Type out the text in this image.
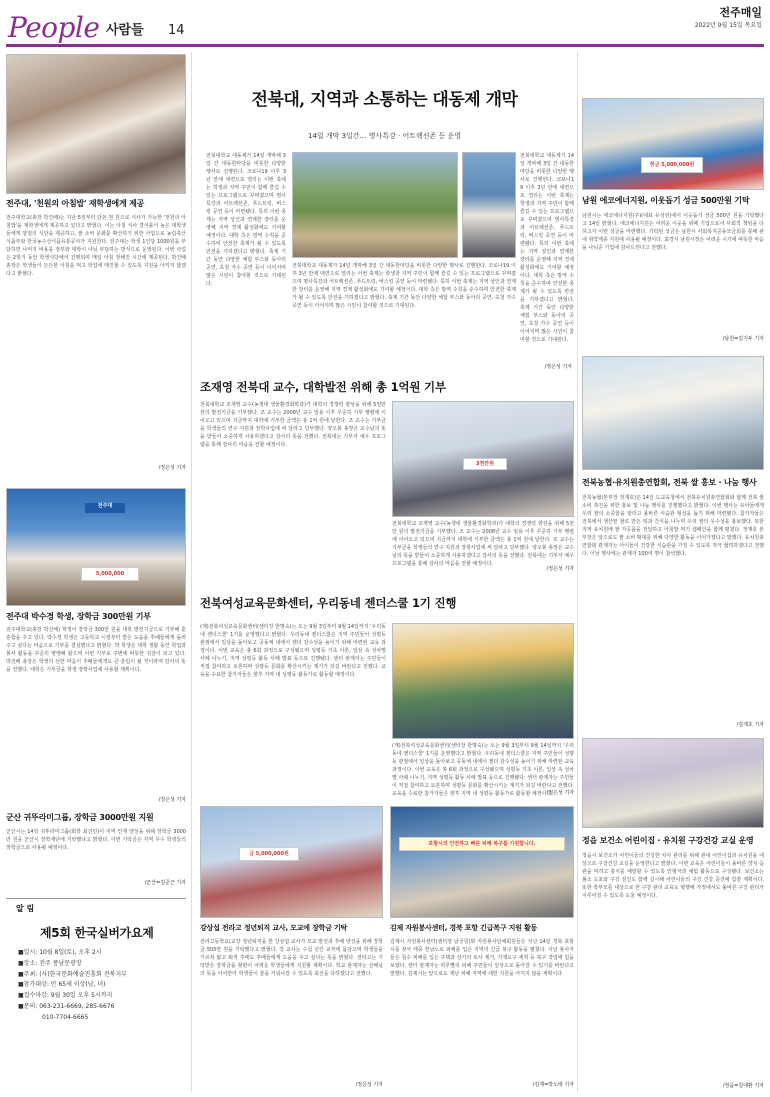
People 사람들 14
전주매일
2022년 9월 15일 목요일
전주대, '천원의 아침밥' 재학생에게 제공
전주대학교(총장 박진배)는 지난 5일부터 단돈 천 원으로 식사가 가능한 '천원의 아침밥'을 재학생에게 제공하고 있다고 밝혔다. 이는 아침 식사 결식률이 높은 대학생들에게 양질의 식단을 제공하고, 쌀 소비 문화를 확산하기 위한 사업으로 농림축산식품부와 한국농수산식품유통공사가 지원한다. 전주대는 학생 1인당 1000원을 부담하면 나머지 비용을 정부와 대학이 나눠 부담하는 방식으로 운영된다. 이번 사업은 2학기 동안 학생식당에서 진행되며 매일 아침 정해진 시간에 제공된다. 박진배 총장은 학생들이 든든한 아침을 먹고 학업에 매진할 수 있도록 지원을 아끼지 않겠다고 밝혔다.
/정은성 기자
전주대
5,000,000
전주대 박수경 학생, 장학금 300만원 기부
전주대학교(총장 박진배) 학생이 장학금 300만 원을 대학 발전기금으로 기부해 훈훈함을 주고 있다. 박수경 학생은 고등학교 시절부터 받은 도움을 후배들에게 돌려주고 싶다는 마음으로 기부를 결심했다고 밝혔다. 박 학생은 대학 생활 동안 학업과 봉사 활동을 꾸준히 병행해 왔으며 이번 기부로 주변에 따뜻한 귀감이 되고 있다. 박진배 총장은 학생의 선한 마음이 후배들에게도 큰 울림이 될 것이라며 감사의 뜻을 전했다. 대학은 기부금을 학생 장학사업에 사용할 계획이다.
/정은성 기자
군산 귀뚜라미그룹, 장학금 3000만원 지원
군산시는 14일 귀뚜라미그룹(회장 최진민)이 지역 인재 양성을 위해 장학금 3000만 원을 군산시 장학재단에 기탁했다고 밝혔다. 이번 기탁금은 지역 우수 학생들의 장학금으로 사용될 예정이다.
/군산=김준근 기자
알 림
제5회 한국실버가요제
■일시: 10월 8일(토), 오후 2시
■장소: 전주 풍남문광장
■주최: (사)한국문화예술진흥회 전북지부
■참가대상: 만 65세 이상(남, 녀)
■접수마감: 9월 30일 오후 5시까지
■문의: 063-231-6669, 285-6676
010-7704-6665
전북대, 지역과 소통하는 대동제 개막
14일 개막 3일간… 명사특강 · 어트랙션존 등 운영
전북대학교 대동제가 14일 개막해 3일 간 대동한마당을 비롯한 다양한 행사로 진행된다. 코로나19 이후 3년 만에 대면으로 열리는 이번 축제는 학생과 지역 주민이 함께 즐길 수 있는 프로그램으로 꾸며졌으며 명사특강과 어트랙션존, 푸드트럭, 버스킹 공연 등이 마련됐다. 특히 이번 축제는 지역 상인과 연계한 장터를 운영해 지역 경제 활성화에도 기여할 예정이다. 대학 측은 방역 수칙을 준수하며 안전한 축제가 될 수 있도록 만전을 기하겠다고 밝혔다. 축제 기간 동안 다양한 체험 부스와 동아리 공연, 초청 가수 공연 등이 이어지며 많은 시민이 참여할 것으로 기대된다.
전북대학교 대동제가 14일 개막해 3일 간 대동한마당을 비롯한 다양한 행사로 진행된다. 코로나19 이후 3년 만에 대면으로 열리는 이번 축제는 학생과 지역 주민이 함께 즐길 수 있는 프로그램으로 꾸며졌으며 명사특강과 어트랙션존, 푸드트럭, 버스킹 공연 등이 마련됐다. 특히 이번 축제는 지역 상인과 연계한 장터를 운영해 지역 경제 활성화에도 기여할 예정이다. 대학 측은 방역 수칙을 준수하며 안전한 축제가 될 수 있도록 만전을 기하겠다고 밝혔다. 축제 기간 동안 다양한 체험 부스와 동아리 공연, 초청 가수 공연 등이 이어지며 많은 시민이 참여할 것으로 기대된다.
전북대학교 대동제가 14일 개막해 3일 간 대동한마당을 비롯한 다양한 행사로 진행된다. 코로나19 이후 3년 만에 대면으로 열리는 이번 축제는 학생과 지역 주민이 함께 즐길 수 있는 프로그램으로 꾸며졌으며 명사특강과 어트랙션존, 푸드트럭, 버스킹 공연 등이 마련됐다. 특히 이번 축제는 지역 상인과 연계한 장터를 운영해 지역 경제 활성화에도 기여할 예정이다. 대학 측은 방역 수칙을 준수하며 안전한 축제가 될 수 있도록 만전을 기하겠다고 밝혔다. 축제 기간 동안 다양한 체험 부스와 동아리 공연, 초청 가수 공연 등이 이어지며 많은 시민이 참여할 것으로 기대된다.
/정은성 기자
조재영 전북대 교수, 대학발전 위해 총 1억원 기부
전북대학교 조재영 교수(농생대 생물환경화학과)가 대학의 경쟁력 향상을 위해 5천만 원의 발전기금을 기부했다. 조 교수는 2008년 교수 임용 이후 꾸준히 기부 행렬에 이어오고 있으며 지금까지 대학에 기부한 금액은 총 1억 원에 달한다. 조 교수는 기부금을 학생들의 연구 지원과 장학사업에 써 달라고 당부했다. 양오봉 총장은 교수님의 뜻을 받들어 소중하게 사용하겠다고 감사의 뜻을 전했다. 전북대는 기부자 예우 프로그램을 통해 감사의 마음을 전할 예정이다.
3천만원
전북대학교 조재영 교수(농생대 생물환경화학과)가 대학의 경쟁력 향상을 위해 5천만 원의 발전기금을 기부했다. 조 교수는 2008년 교수 임용 이후 꾸준히 기부 행렬에 이어오고 있으며 지금까지 대학에 기부한 금액은 총 1억 원에 달한다. 조 교수는 기부금을 학생들의 연구 지원과 장학사업에 써 달라고 당부했다. 양오봉 총장은 교수님의 뜻을 받들어 소중하게 사용하겠다고 감사의 뜻을 전했다. 전북대는 기부자 예우 프로그램을 통해 감사의 마음을 전할 예정이다.
/정은성 기자
전북여성교육문화센터, 우리동네 젠더스쿨 1기 진행
(재)전북여성교육문화센터(센터장 한명숙)는 오는 9월 3일부터 9월 14일까지 '우리동네 젠더스쿨' 1기를 운영했다고 밝혔다. 우리동네 젠더스쿨은 지역 주민들이 성평등 관점에서 일상을 돌아보고 공동체 내에서 젠더 감수성을 높이기 위해 마련된 교육 과정이다. 이번 교육은 총 6회 과정으로 구성됐으며 성평등 기초 이론, 일상 속 성차별 사례 나누기, 지역 성평등 활동 사례 발표 등으로 진행됐다. 센터 관계자는 주민들이 직접 참여하고 토론하며 성평등 문화를 확산시키는 계기가 되길 바란다고 전했다. 교육을 수료한 참가자들은 향후 지역 내 성평등 활동가로 활동할 예정이다.
(재)전북여성교육문화센터(센터장 한명숙)는 오는 9월 3일부터 9월 14일까지 '우리동네 젠더스쿨' 1기를 운영했다고 밝혔다. 우리동네 젠더스쿨은 지역 주민들이 성평등 관점에서 일상을 돌아보고 공동체 내에서 젠더 감수성을 높이기 위해 마련된 교육 과정이다. 이번 교육은 총 6회 과정으로 구성됐으며 성평등 기초 이론, 일상 속 성차별 사례 나누기, 지역 성평등 활동 사례 발표 등으로 진행됐다. 센터 관계자는 주민들이 직접 참여하고 토론하며 성평등 문화를 확산시키는 계기가 되길 바란다고 전했다. 교육을 수료한 참가자들은 향후 지역 내 성평등 활동가로 활동할 예정이다.
/정은성 기자
금 5,000,000원
강상섭 전라고 정년퇴직 교사, 모교에 장학금 기탁
전라고등학교(교장 정년퇴직을 한 강상섭 교사가 모교 발전과 후배 양성을 위해 장학금 500만 원을 기탁했다고 밝혔다. 강 교사는 수십 년간 교직에 몸담으며 학생들을 가르쳐 왔고 퇴직 후에도 후배들에게 도움을 주고 싶다는 뜻을 밝혔다. 전라고는 기탁받은 장학금을 형편이 어려운 학생들에게 지원할 계획이다. 학교 관계자는 선배님의 뜻을 이어받아 학생들이 꿈을 키워나갈 수 있도록 최선을 다하겠다고 전했다.
/정은성 기자
포항시의 안전하고 빠른 피해 복구를 기원합니다.
김제 자원봉사센터, 경북 포항 긴급복구 지원 활동
김제시 자원봉사센터(센터장 남궁원)와 자원봉사단체회원들은 지난 14일 경북 포항시를 찾아 태풍 힌남노로 피해를 입은 지역의 긴급 복구 활동을 펼쳤다. 이날 봉사자들은 침수 피해를 입은 주택과 상가의 토사 제거, 가재도구 세척 등 복구 작업에 힘을 보탰다. 센터 관계자는 하루빨리 피해 주민들이 일상으로 돌아갈 수 있기를 바란다고 말했다. 김제시는 앞으로도 재난 피해 지역에 대한 지원을 아끼지 않을 계획이다.
/김제=박노태 기자
현금 5,000,000원
남원 에코에너지원, 이웃돕기 성금 500만원 기탁
남원시는 에코에너지원(주)(대표 유성민)에서 이웃돕기 성금 500만 원을 기탁했다고 14일 밝혔다. 에코에너지원은 어려운 이웃을 위해 기업으로서 사회적 책임을 다하고자 이번 성금을 마련했다. 기탁된 성금은 남원시 사회복지공동모금회를 통해 관내 취약계층 지원에 사용될 예정이다. 최경식 남원시장은 어려운 시기에 따뜻한 마음을 나눠준 기업에 감사드린다고 전했다.
/남원=김기두 기자
전북농협·유치원총연합회, 전북 쌀 홍보 · 나눔 행사
전북농협(본부장 정재호)은 14일 도교육청에서 전북유치원총연합회와 함께 전북 쌀 소비 촉진을 위한 홍보 및 나눔 행사를 진행했다고 밝혔다. 이번 행사는 유아들에게 우리 쌀의 소중함을 알리고 올바른 식습관 형성을 돕기 위해 마련됐다. 참가자들은 전북에서 생산된 쌀로 만든 떡과 간식을 나누며 우리 쌀의 우수성을 홍보했다. 또한 지역 유치원에 쌀 가공품을 전달하고 아침밥 먹기 캠페인을 함께 펼쳤다. 정재호 본부장은 앞으로도 쌀 소비 확대를 위해 다양한 활동을 이어가겠다고 말했다. 유치원총연합회 관계자는 아이들이 건강한 식습관을 가질 수 있도록 적극 협력하겠다고 전했다. 이날 행사에는 관계자 100여 명이 참석했다.
/김재호 기자
정읍 보건소 어린이집 · 유치원 구강건강 교실 운영
정읍시 보건소가 어린이들의 건강한 치아 관리를 위해 관내 어린이집과 유치원을 대상으로 구강건강 교실을 운영한다고 밝혔다. 이번 교육은 어린이들이 올바른 양치 습관을 익히고 충치를 예방할 수 있도록 인형극과 체험 활동으로 구성됐다. 보건소는 불소 도포와 구강 검진도 함께 실시해 어린이들의 구강 건강 증진에 힘쓸 계획이다. 또한 학부모를 대상으로 한 구강 관리 교육도 병행해 가정에서도 올바른 구강 관리가 이루어질 수 있도록 도울 예정이다.
/정읍=김대환 기자
